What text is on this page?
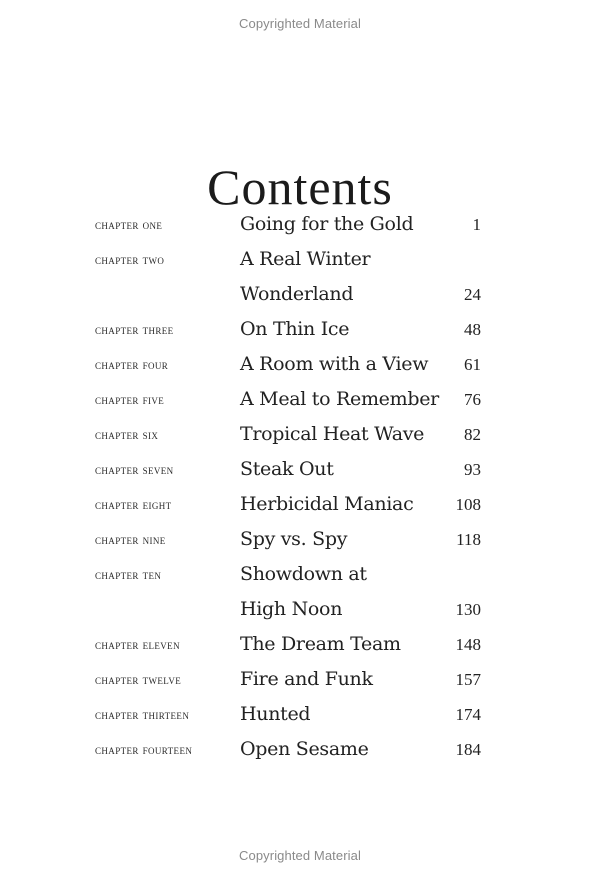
Copyrighted Material
Contents
chapter one	Going for the Gold	1
chapter two	A Real Winter
Wonderland	24
chapter three	On Thin Ice	48
chapter four	A Room with a View 61
chapter five	A Meal to Remember 76
chapter six	Tropical Heat Wave 82
chapter seven	Steak Out	93
chapter eight	Herbicidal Maniac 108
chapter nine	Spy vs. Spy	118
chapter ten	Showdown at
High Noon	130
chapter eleven	The Dream Team	148
chapter twelve	Fire and Funk	157
chapter thirteen	Hunted	174
chapter fourteen	Open Sesame	184
Copyrighted Material
